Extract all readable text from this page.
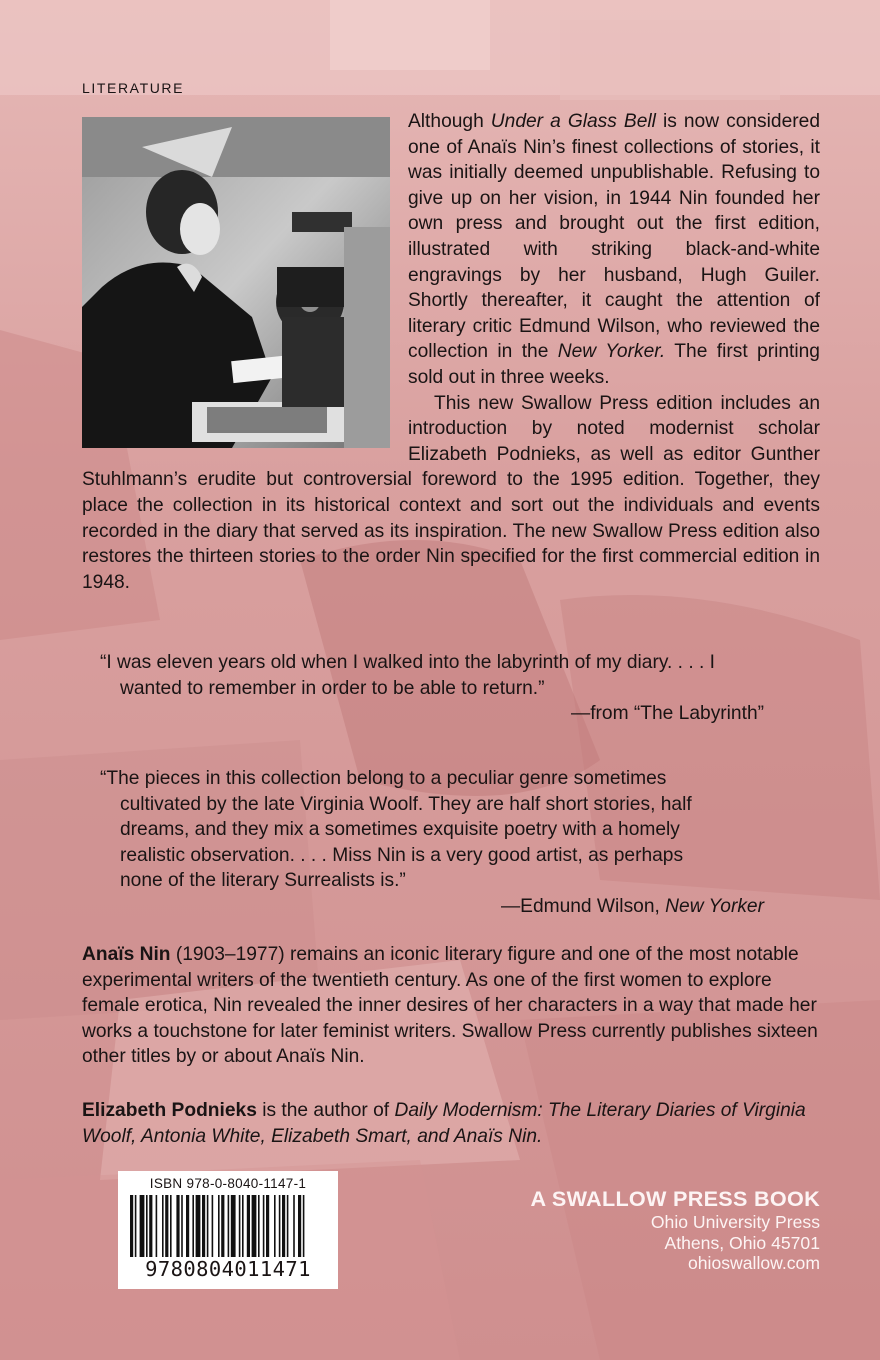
LITERATURE
Although Under a Glass Bell is now considered one of Anaïs Nin’s finest collections of stories, it was initially deemed unpublishable. Refusing to give up on her vision, in 1944 Nin founded her own press and brought out the first edition, illustrated with striking black-and-white engravings by her husband, Hugh Guiler. Shortly thereafter, it caught the attention of literary critic Edmund Wilson, who reviewed the collection in the New Yorker. The first printing sold out in three weeks.
This new Swallow Press edition includes an introduction by noted modernist scholar Elizabeth Podnieks, as well as editor Gunther Stuhlmann’s erudite but controversial foreword to the 1995 edition. Together, they place the collection in its historical context and sort out the individuals and events recorded in the diary that served as its inspiration. The new Swallow Press edition also restores the thirteen stories to the order Nin specified for the first commercial edition in 1948.
“I was eleven years old when I walked into the labyrinth of my diary. . . . I
wanted to remember in order to be able to return.”
—from “The Labyrinth”
“The pieces in this collection belong to a peculiar genre sometimes
cultivated by the late Virginia Woolf. They are half short stories, half
dreams, and they mix a sometimes exquisite poetry with a homely
realistic observation. . . . Miss Nin is a very good artist, as perhaps
none of the literary Surrealists is.”
—Edmund Wilson, New Yorker
Anaïs Nin (1903–1977) remains an iconic literary figure and one of the most notable experimental writers of the twentieth century. As one of the first women to explore female erotica, Nin revealed the inner desires of her characters in a way that made her works a touchstone for later feminist writers. Swallow Press currently publishes sixteen other titles by or about Anaïs Nin.
Elizabeth Podnieks is the author of Daily Modernism: The Literary Diaries of Virginia Woolf, Antonia White, Elizabeth Smart, and Anaïs Nin.
ISBN 978-0-8040-1147-1
9780804011471
A SWALLOW PRESS BOOK
Ohio University Press
Athens, Ohio 45701
ohioswallow.com
